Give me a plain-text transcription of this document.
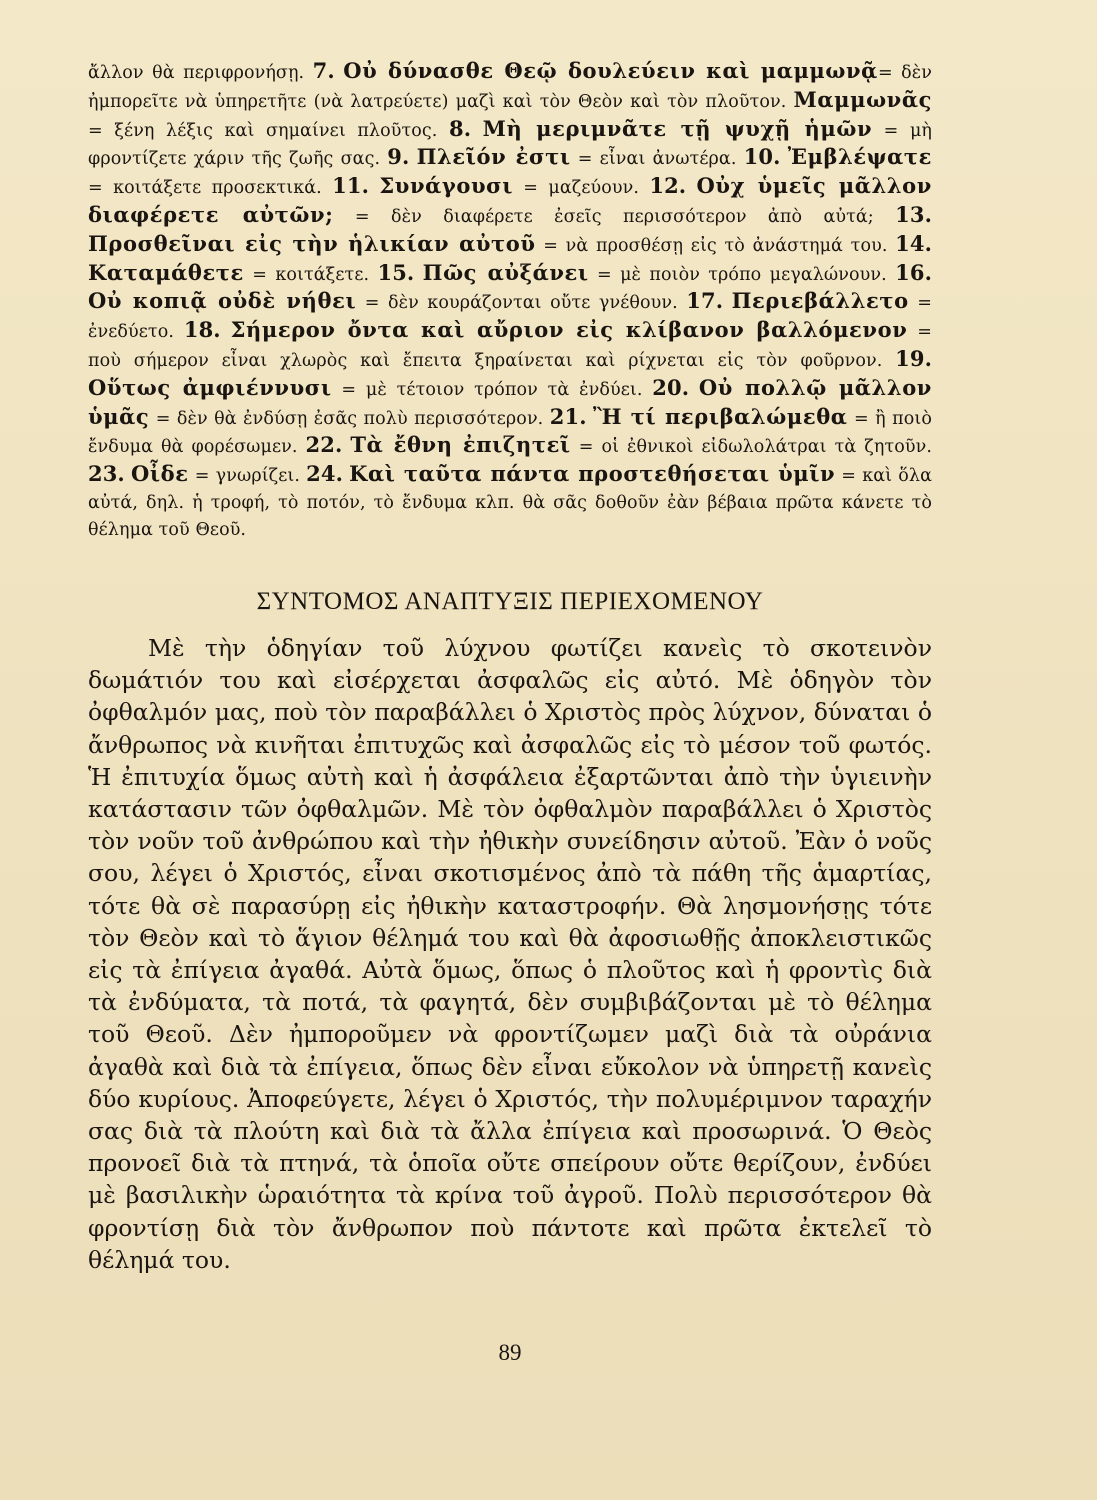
ἄλλον θὰ περιφρονήσῃ. 7. Οὐ δύνασθε Θεῷ δουλεύειν καὶ μαμμωνᾷ= δὲν ἠμπορεῖτε νὰ ὑπηρετῆτε (νὰ λατρεύετε) μαζὶ καὶ τὸν Θεὸν καὶ τὸν πλοῦτον. Μαμμωνᾶς = ξένη λέξις καὶ σημαίνει πλοῦτος. 8. Μὴ μεριμνᾶτε τῇ ψυχῇ ἡμῶν = μὴ φροντίζετε χάριν τῆς ζωῆς σας. 9. Πλεῖόν ἐστι = εἶναι ἀνωτέρα. 10. Ἐμβλέψατε = κοιτάξετε προσεκτικά. 11. Συνάγουσι = μαζεύουν. 12. Οὐχ ὑμεῖς μᾶλλον διαφέρετε αὐτῶν; = δὲν διαφέρετε ἐσεῖς περισσότερον ἀπὸ αὐτά; 13. Προσθεῖναι εἰς τὴν ἡλικίαν αὐτοῦ = νὰ προσθέσῃ εἰς τὸ ἀνάστημά του. 14. Καταμάθετε = κοιτάξετε. 15. Πῶς αὐξάνει = μὲ ποιὸν τρόπο μεγαλώνουν. 16. Οὐ κοπιᾷ οὐδὲ νήθει = δὲν κουράζονται οὔτε γνέθουν. 17. Περιεβάλλετο = ἐνεδύετο. 18. Σήμερον ὄντα καὶ αὔριον εἰς κλίβανον βαλλόμενον = ποὺ σήμερον εἶναι χλωρὸς καὶ ἔπειτα ξηραίνεται καὶ ρίχνεται εἰς τὸν φοῦρνον. 19. Οὕτως ἀμφιέννυσι = μὲ τέτοιον τρόπον τὰ ἐνδύει. 20. Οὐ πολλῷ μᾶλλον ὑμᾶς = δὲν θὰ ἐνδύσῃ ἐσᾶς πολὺ περισσότερον. 21. Ἢ τί περιβαλώμεθα = ἢ ποιὸ ἔνδυμα θὰ φορέσωμεν. 22. Τὰ ἔθνη ἐπιζητεῖ = οἱ ἐθνικοὶ εἰδωλολάτραι τὰ ζητοῦν. 23. Οἶδε = γνωρίζει. 24. Καὶ ταῦτα πάντα προστεθήσεται ὑμῖν = καὶ ὅλα αὐτά, δηλ. ἡ τροφή, τὸ ποτόν, τὸ ἔνδυμα κλπ. θὰ σᾶς δοθοῦν ἐὰν βέβαια πρῶτα κάνετε τὸ θέλημα τοῦ Θεοῦ.
ΣΥΝΤΟΜΟΣ ΑΝΑΠΤΥΞΙΣ ΠΕΡΙΕΧΟΜΕΝΟΥ

Μὲ τὴν ὁδηγίαν τοῦ λύχνου φωτίζει κανεὶς τὸ σκοτεινὸν δωμάτιόν του καὶ εἰσέρχεται ἀσφαλῶς εἰς αὐτό. Μὲ ὁδηγὸν τὸν ὀφθαλμόν μας, ποὺ τὸν παραβάλλει ὁ Χριστὸς πρὸς λύχνον, δύναται ὁ ἄνθρωπος νὰ κινῆται ἐπιτυχῶς καὶ ἀσφαλῶς εἰς τὸ μέσον τοῦ φωτός. Ἡ ἐπιτυχία ὅμως αὐτὴ καὶ ἡ ἀσφάλεια ἐξαρτῶνται ἀπὸ τὴν ὑγιεινὴν κατάστασιν τῶν ὀφθαλμῶν. Μὲ τὸν ὀφθαλμὸν παραβάλλει ὁ Χριστὸς τὸν νοῦν τοῦ ἀνθρώπου καὶ τὴν ἠθικὴν συνείδησιν αὐτοῦ. Ἐὰν ὁ νοῦς σου, λέγει ὁ Χριστός, εἶναι σκοτισμένος ἀπὸ τὰ πάθη τῆς ἁμαρτίας, τότε θὰ σὲ παρασύρῃ εἰς ἠθικὴν καταστροφήν. Θὰ λησμονήσῃς τότε τὸν Θεὸν καὶ τὸ ἅγιον θέλημά του καὶ θὰ ἀφοσιωθῇς ἀποκλειστικῶς εἰς τὰ ἐπίγεια ἀγαθά. Αὐτὰ ὅμως, ὅπως ὁ πλοῦτος καὶ ἡ φροντὶς διὰ τὰ ἐνδύματα, τὰ ποτά, τὰ φαγητά, δὲν συμβιβάζονται μὲ τὸ θέλημα τοῦ Θεοῦ. Δὲν ἠμποροῦμεν νὰ φροντίζωμεν μαζὶ διὰ τὰ οὐράνια ἀγαθὰ καὶ διὰ τὰ ἐπίγεια, ὅπως δὲν εἶναι εὔκολον νὰ ὑπηρετῇ κανεὶς δύο κυρίους. Ἀποφεύγετε, λέγει ὁ Χριστός, τὴν πολυμέριμνον ταραχήν σας διὰ τὰ πλούτη καὶ διὰ τὰ ἄλλα ἐπίγεια καὶ προσωρινά. Ὁ Θεὸς προνοεῖ διὰ τὰ πτηνά, τὰ ὁποῖα οὔτε σπείρουν οὔτε θερίζουν, ἐνδύει μὲ βασιλικὴν ὡραιότητα τὰ κρίνα τοῦ ἀγροῦ. Πολὺ περισσότερον θὰ φροντίσῃ διὰ τὸν ἄνθρωπον ποὺ πάντοτε καὶ πρῶτα ἐκτελεῖ τὸ θέλημά του.

89
